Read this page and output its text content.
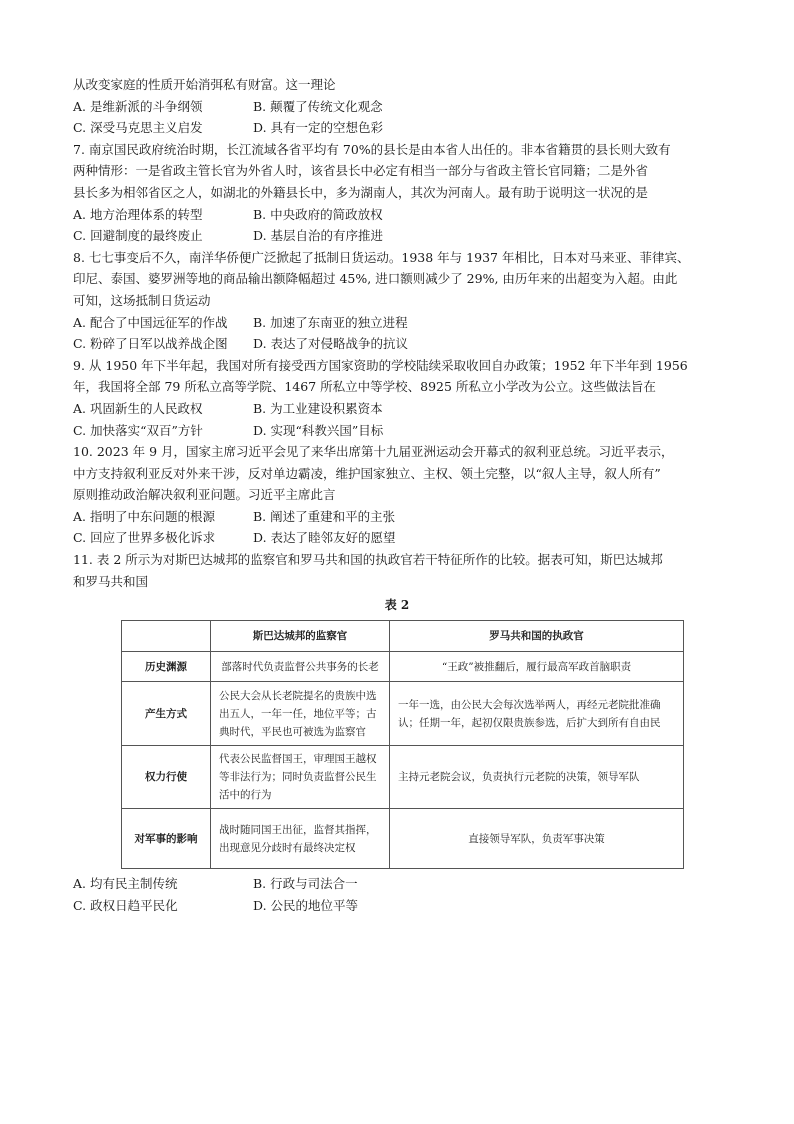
从改变家庭的性质开始消弭私有财富。这一理论
A. 是维新派的斗争纲领	B. 颠覆了传统文化观念
C. 深受马克思主义启发	D. 具有一定的空想色彩
7. 南京国民政府统治时期，长江流域各省平均有 70%的县长是由本省人出任的。非本省籍贯的县长则大致有
两种情形：一是省政主管长官为外省人时，该省县长中必定有相当一部分与省政主管长官同籍；二是外省
县长多为相邻省区之人，如湖北的外籍县长中，多为湖南人，其次为河南人。最有助于说明这一状况的是
A. 地方治理体系的转型	B. 中央政府的简政放权
C. 回避制度的最终废止	D. 基层自治的有序推进
8. 七七事变后不久，南洋华侨便广泛掀起了抵制日货运动。1938 年与 1937 年相比，日本对马来亚、菲律宾、
印尼、泰国、婆罗洲等地的商品输出额降幅超过 45%, 进口额则减少了 29%, 由历年来的出超变为入超。由此
可知，这场抵制日货运动
A. 配合了中国远征军的作战	B. 加速了东南亚的独立进程
C. 粉碎了日军以战养战企图	D. 表达了对侵略战争的抗议
9. 从 1950 年下半年起，我国对所有接受西方国家资助的学校陆续采取收回自办政策；1952 年下半年到 1956
年，我国将全部 79 所私立高等学院、1467 所私立中等学校、8925 所私立小学改为公立。这些做法旨在
A. 巩固新生的人民政权	B. 为工业建设积累资本
C. 加快落实“双百”方针	D. 实现“科教兴国”目标
10. 2023 年 9 月，国家主席习近平会见了来华出席第十九届亚洲运动会开幕式的叙利亚总统。习近平表示，
中方支持叙利亚反对外来干涉，反对单边霸凌，维护国家独立、主权、领土完整，以“叙人主导，叙人所有”
原则推动政治解决叙利亚问题。习近平主席此言
A. 指明了中东问题的根源	B. 阐述了重建和平的主张
C. 回应了世界多极化诉求	D. 表达了睦邻友好的愿望
11. 表 2 所示为对斯巴达城邦的监察官和罗马共和国的执政官若干特征所作的比较。据表可知，斯巴达城邦
和罗马共和国
表 2
	斯巴达城邦的监察官	罗马共和国的执政官
历史渊源	部落时代负责监督公共事务的长老	“王政”被推翻后，履行最高军政首脑职责
产生方式	公民大会从长老院提名的贵族中选出五人，一年一任，地位平等；古典时代，平民也可被选为监察官	一年一选，由公民大会每次选举两人，再经元老院批准确认；任期一年，起初仅限贵族参选，后扩大到所有自由民
权力行使	代表公民监督国王，审理国王越权等非法行为；同时负责监督公民生活中的行为	主持元老院会议，负责执行元老院的决策，领导军队
对军事的影响	战时随同国王出征，监督其指挥，出现意见分歧时有最终决定权	直接领导军队，负责军事决策
A. 均有民主制传统	B. 行政与司法合一
C. 政权日趋平民化	D. 公民的地位平等
